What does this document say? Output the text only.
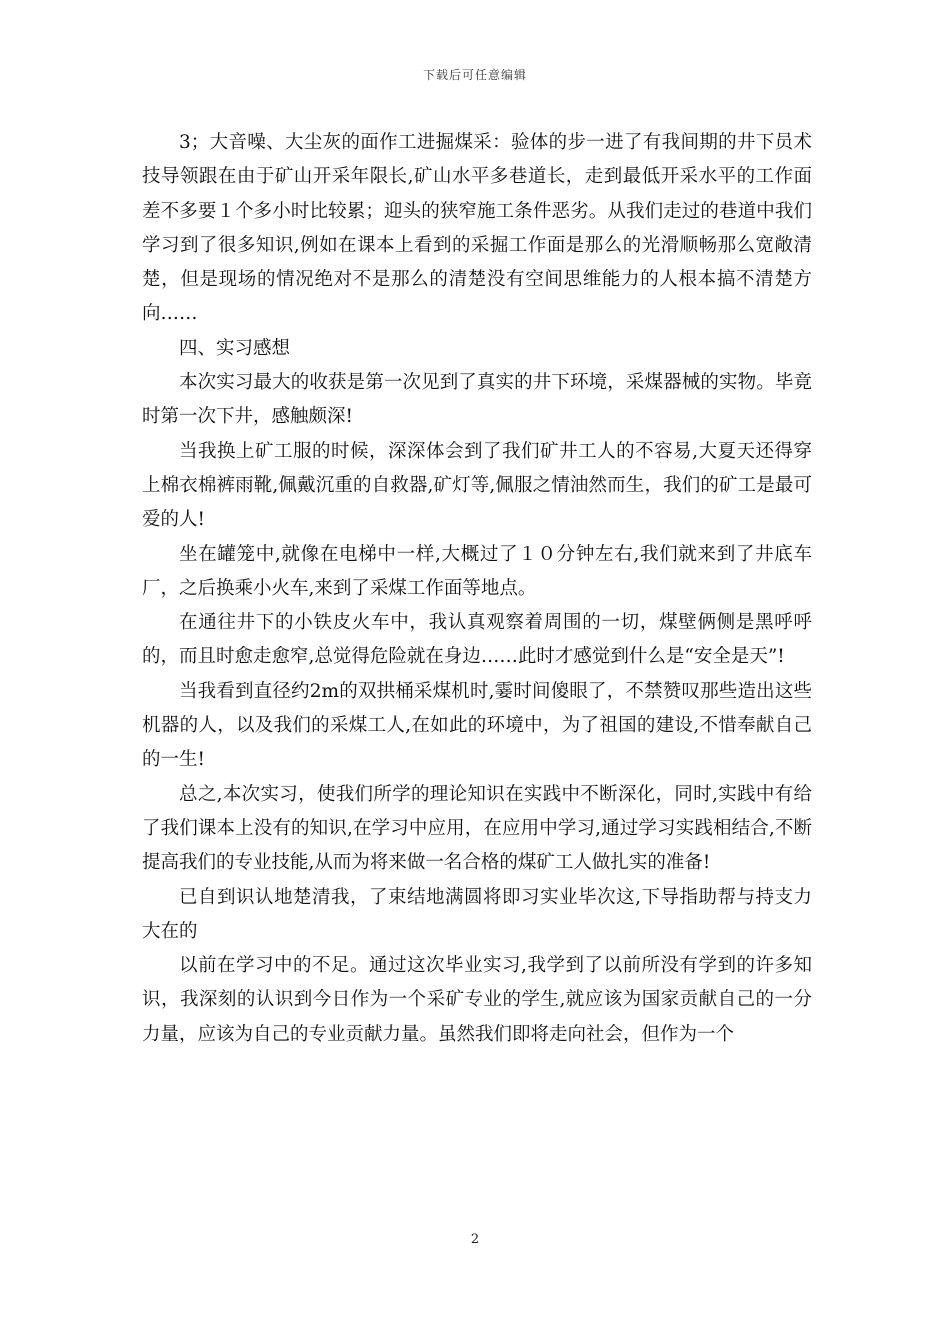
下载后可任意编辑

3；大音噪、大尘灰的面作工进掘煤采：验体的步一进了有我间期的井下员术技导领跟在﻿由于矿山开采年限长,矿山水平多巷道长，走到最低开采水平的工作面差不多要１个多小时比较累；迎头的狭窄施工条件恶劣。从我们走过的巷道中我们学习到了很多知识,例如在课本上看到的采掘工作面是那么的光滑顺畅那么宽敞清楚，但是现场的情况绝对不是那么的清楚没有空间思维能力的人根本搞不清楚方向……

四、实习感想

本次实习最大的收获是第一次见到了真实的井下环境，采煤器械的实物。毕竟时第一次下井，感触颇深!

当我换上矿工服的时候，深深体会到了我们矿井工人的不容易,大夏天还得穿上棉衣棉裤雨靴,佩戴沉重的自救器,矿灯等,佩服之情油然而生，我们的矿工是最可爱的人!

坐在罐笼中,就像在电梯中一样,大概过了１０分钟左右,我们就来到了井底车厂，之后换乘小火车,来到了采煤工作面等地点。

在通往井下的小铁皮火车中，我认真观察着周围的一切，煤壁俩侧是黑呼呼的，而且时愈走愈窄,总觉得危险就在身边……此时才感觉到什么是“安全是天”!

当我看到直径约2m的双拱桶采煤机时,霎时间傻眼了，不禁赞叹那些造出这些机器的人，以及我们的采煤工人,在如此的环境中，为了祖国的建设,不惜奉献自己的一生!

总之,本次实习，使我们所学的理论知识在实践中不断深化，同时,实践中有给了我们课本上没有的知识,在学习中应用，在应用中学习,通过学习实践相结合,不断提高我们的专业技能,从而为将来做一名合格的煤矿工人做扎实的准备!

已自到识认地楚清我，了束结地满圆将即习实业毕次这,下导指助帮与持支力大在的﻿

以前在学习中的不足。通过这次毕业实习,我学到了以前所没有学到的许多知识，我深刻的认识到今日作为一个采矿专业的学生,就应该为国家贡献自己的一分力量，应该为自己的专业贡献力量。虽然我们即将走向社会，但作为一个

2
